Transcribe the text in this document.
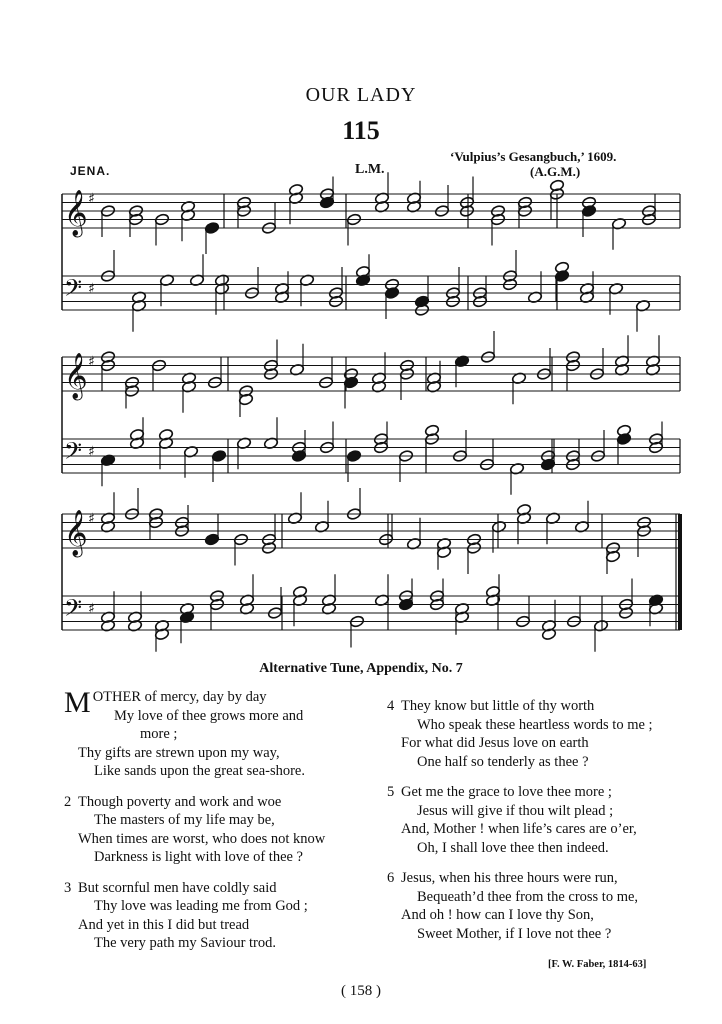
OUR LADY
115
JENA.	L.M.
‘Vulpius’s Gesangbuch,’ 1609.
(A.G.M.)
𝄞 ♯
𝄢 ♯
𝄞 ♯
𝄢 ♯
𝄞 ♯
𝄢 ♯
Alternative Tune, Appendix, No. 7
MOTHER of mercy, day by day
My love of thee grows more and
more ;
Thy gifts are strewn upon my way,
Like sands upon the great sea-shore.
2 Though poverty and work and woe
The masters of my life may be,
When times are worst, who does not know
Darkness is light with love of thee ?
3 But scornful men have coldly said
Thy love was leading me from God ;
And yet in this I did but tread
The very path my Saviour trod.
4 They know but little of thy worth
Who speak these heartless words to me ;
For what did Jesus love on earth
One half so tenderly as thee ?
5 Get me the grace to love thee more ;
Jesus will give if thou wilt plead ;
And, Mother ! when life’s cares are o’er,
Oh, I shall love thee then indeed.
6 Jesus, when his three hours were run,
Bequeath’d thee from the cross to me,
And oh ! how can I love thy Son,
Sweet Mother, if I love not thee ?
[F. W. Faber, 1814-63]
( 158 )
